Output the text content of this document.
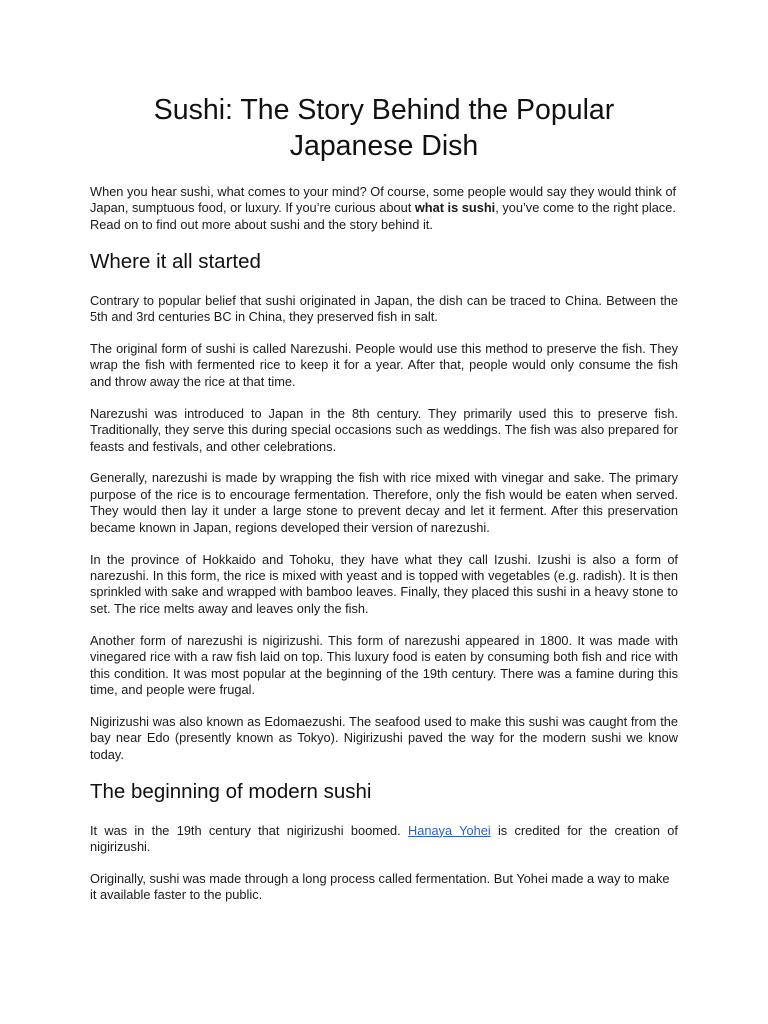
Sushi: The Story Behind the Popular
Japanese Dish

When you hear sushi, what comes to your mind? Of course, some people would say they would think of Japan, sumptuous food, or luxury. If you’re curious about what is sushi, you’ve come to the right place. Read on to find out more about sushi and the story behind it.

Where it all started

Contrary to popular belief that sushi originated in Japan, the dish can be traced to China. Between the 5th and 3rd centuries BC in China, they preserved fish in salt.

The original form of sushi is called Narezushi. People would use this method to preserve the fish. They wrap the fish with fermented rice to keep it for a year. After that, people would only consume the fish and throw away the rice at that time.

Narezushi was introduced to Japan in the 8th century. They primarily used this to preserve fish. Traditionally, they serve this during special occasions such as weddings. The fish was also prepared for feasts and festivals, and other celebrations.

Generally, narezushi is made by wrapping the fish with rice mixed with vinegar and sake. The primary purpose of the rice is to encourage fermentation. Therefore, only the fish would be eaten when served. They would then lay it under a large stone to prevent decay and let it ferment. After this preservation became known in Japan, regions developed their version of narezushi.

In the province of Hokkaido and Tohoku, they have what they call Izushi. Izushi is also a form of narezushi. In this form, the rice is mixed with yeast and is topped with vegetables (e.g. radish). It is then sprinkled with sake and wrapped with bamboo leaves. Finally, they placed this sushi in a heavy stone to set. The rice melts away and leaves only the fish.

Another form of narezushi is nigirizushi. This form of narezushi appeared in 1800. It was made with vinegared rice with a raw fish laid on top. This luxury food is eaten by consuming both fish and rice with this condition. It was most popular at the beginning of the 19th century. There was a famine during this time, and people were frugal.

Nigirizushi was also known as Edomaezushi. The seafood used to make this sushi was caught from the bay near Edo (presently known as Tokyo). Nigirizushi paved the way for the modern sushi we know today.

The beginning of modern sushi

It was in the 19th century that nigirizushi boomed. Hanaya Yohei is credited for the creation of nigirizushi.

Originally, sushi was made through a long process called fermentation. But Yohei made a way to make it available faster to the public.
